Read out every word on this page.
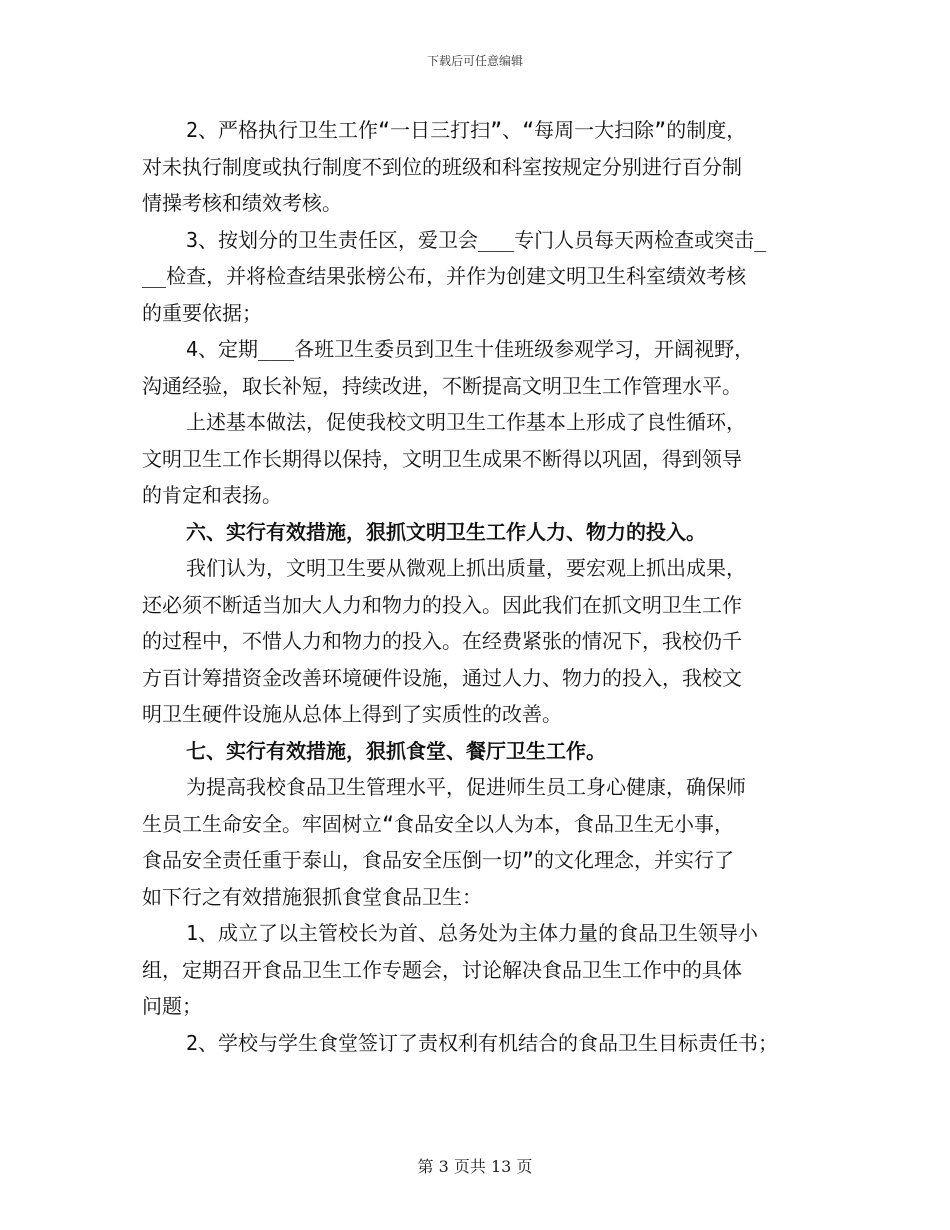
下载后可任意编辑
2、严格执行卫生工作“一日三打扫”、“每周一大扫除”的制度，
对未执行制度或执行制度不到位的班级和科室按规定分别进行百分制
情操考核和绩效考核。
3、按划分的卫生责任区，爱卫会___专门人员每天两检查或突击_
__检查，并将检查结果张榜公布，并作为创建文明卫生科室绩效考核
的重要依据；
4、定期___各班卫生委员到卫生十佳班级参观学习，开阔视野，
沟通经验，取长补短，持续改进，不断提高文明卫生工作管理水平。
上述基本做法，促使我校文明卫生工作基本上形成了良性循环，
文明卫生工作长期得以保持，文明卫生成果不断得以巩固，得到领导
的肯定和表扬。
六、实行有效措施，狠抓文明卫生工作人力、物力的投入。
我们认为，文明卫生要从微观上抓出质量，要宏观上抓出成果，
还必须不断适当加大人力和物力的投入。因此我们在抓文明卫生工作
的过程中，不惜人力和物力的投入。在经费紧张的情况下，我校仍千
方百计筹措资金改善环境硬件设施，通过人力、物力的投入，我校文
明卫生硬件设施从总体上得到了实质性的改善。
七、实行有效措施，狠抓食堂、餐厅卫生工作。
为提高我校食品卫生管理水平，促进师生员工身心健康，确保师
生员工生命安全。牢固树立“食品安全以人为本，食品卫生无小事，
食品安全责任重于泰山，食品安全压倒一切”的文化理念，并实行了
如下行之有效措施狠抓食堂食品卫生：
1、成立了以主管校长为首、总务处为主体力量的食品卫生领导小
组，定期召开食品卫生工作专题会，讨论解决食品卫生工作中的具体
问题；
2、学校与学生食堂签订了责权利有机结合的食品卫生目标责任书；
第 3 页共 13 页
